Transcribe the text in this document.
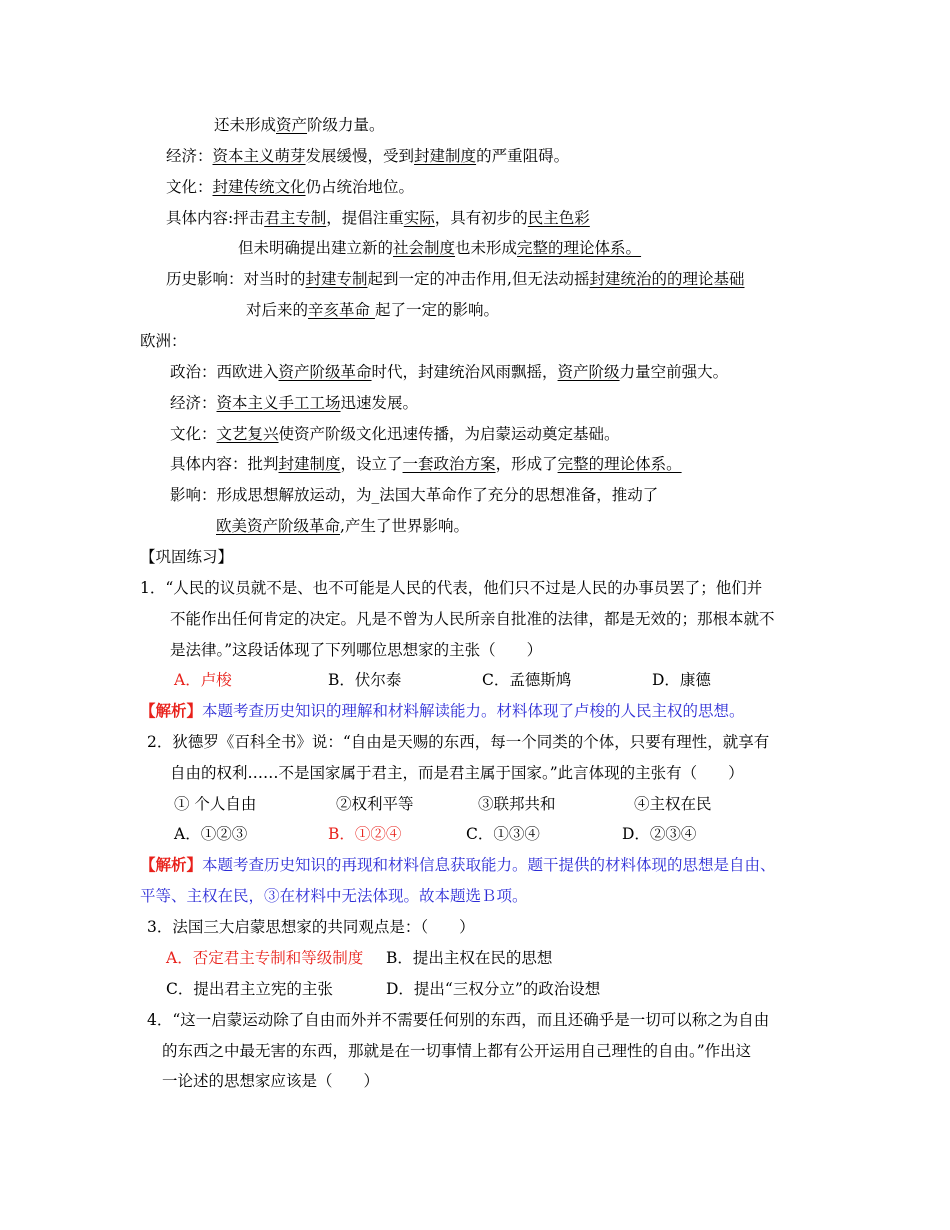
还未形成资产阶级力量。
经济：资本主义萌芽发展缓慢，受到封建制度的严重阻碍。
文化：封建传统文化仍占统治地位。
具体内容:抨击君主专制，提倡注重实际，具有初步的民主色彩
但未明确提出建立新的社会制度也未形成完整的理论体系。
历史影响：对当时的封建专制起到一定的冲击作用,但无法动摇封建统治的的理论基础
对后来的辛亥革命 起了一定的影响。
欧洲：
政治：西欧进入资产阶级革命时代，封建统治风雨飘摇，资产阶级力量空前强大。
经济：资本主义手工工场迅速发展。
文化：文艺复兴使资产阶级文化迅速传播，为启蒙运动奠定基础。
具体内容：批判封建制度，设立了一套政治方案，形成了完整的理论体系。
影响：形成思想解放运动，为_法国大革命作了充分的思想准备，推动了
欧美资产阶级革命,产生了世界影响。
【巩固练习】
1．“人民的议员就不是、也不可能是人民的代表，他们只不过是人民的办事员罢了；他们并
不能作出任何肯定的决定。凡是不曾为人民所亲自批准的法律，都是无效的；那根本就不
是法律。”这段话体现了下列哪位思想家的主张（　　）
A．卢梭	B．伏尔泰	C．孟德斯鸠	D．康德
【解析】本题考查历史知识的理解和材料解读能力。材料体现了卢梭的人民主权的思想。
2．狄德罗《百科全书》说：“自由是天赐的东西，每一个同类的个体，只要有理性，就享有
自由的权利……不是国家属于君主，而是君主属于国家。”此言体现的主张有（　　）
① 个人自由	②权利平等	③联邦共和	④主权在民
A．①②③	B．①②④	C．①③④	D．②③④
【解析】本题考查历史知识的再现和材料信息获取能力。题干提供的材料体现的思想是自由、
平等、主权在民，③在材料中无法体现。故本题选Ｂ项。
3．法国三大启蒙思想家的共同观点是：（　　）
A．否定君主专制和等级制度 B．提出主权在民的思想
C．提出君主立宪的主张	D．提出“三权分立”的政治设想
4．“这一启蒙运动除了自由而外并不需要任何别的东西，而且还确乎是一切可以称之为自由
的东西之中最无害的东西，那就是在一切事情上都有公开运用自己理性的自由。”作出这
一论述的思想家应该是（　　）
